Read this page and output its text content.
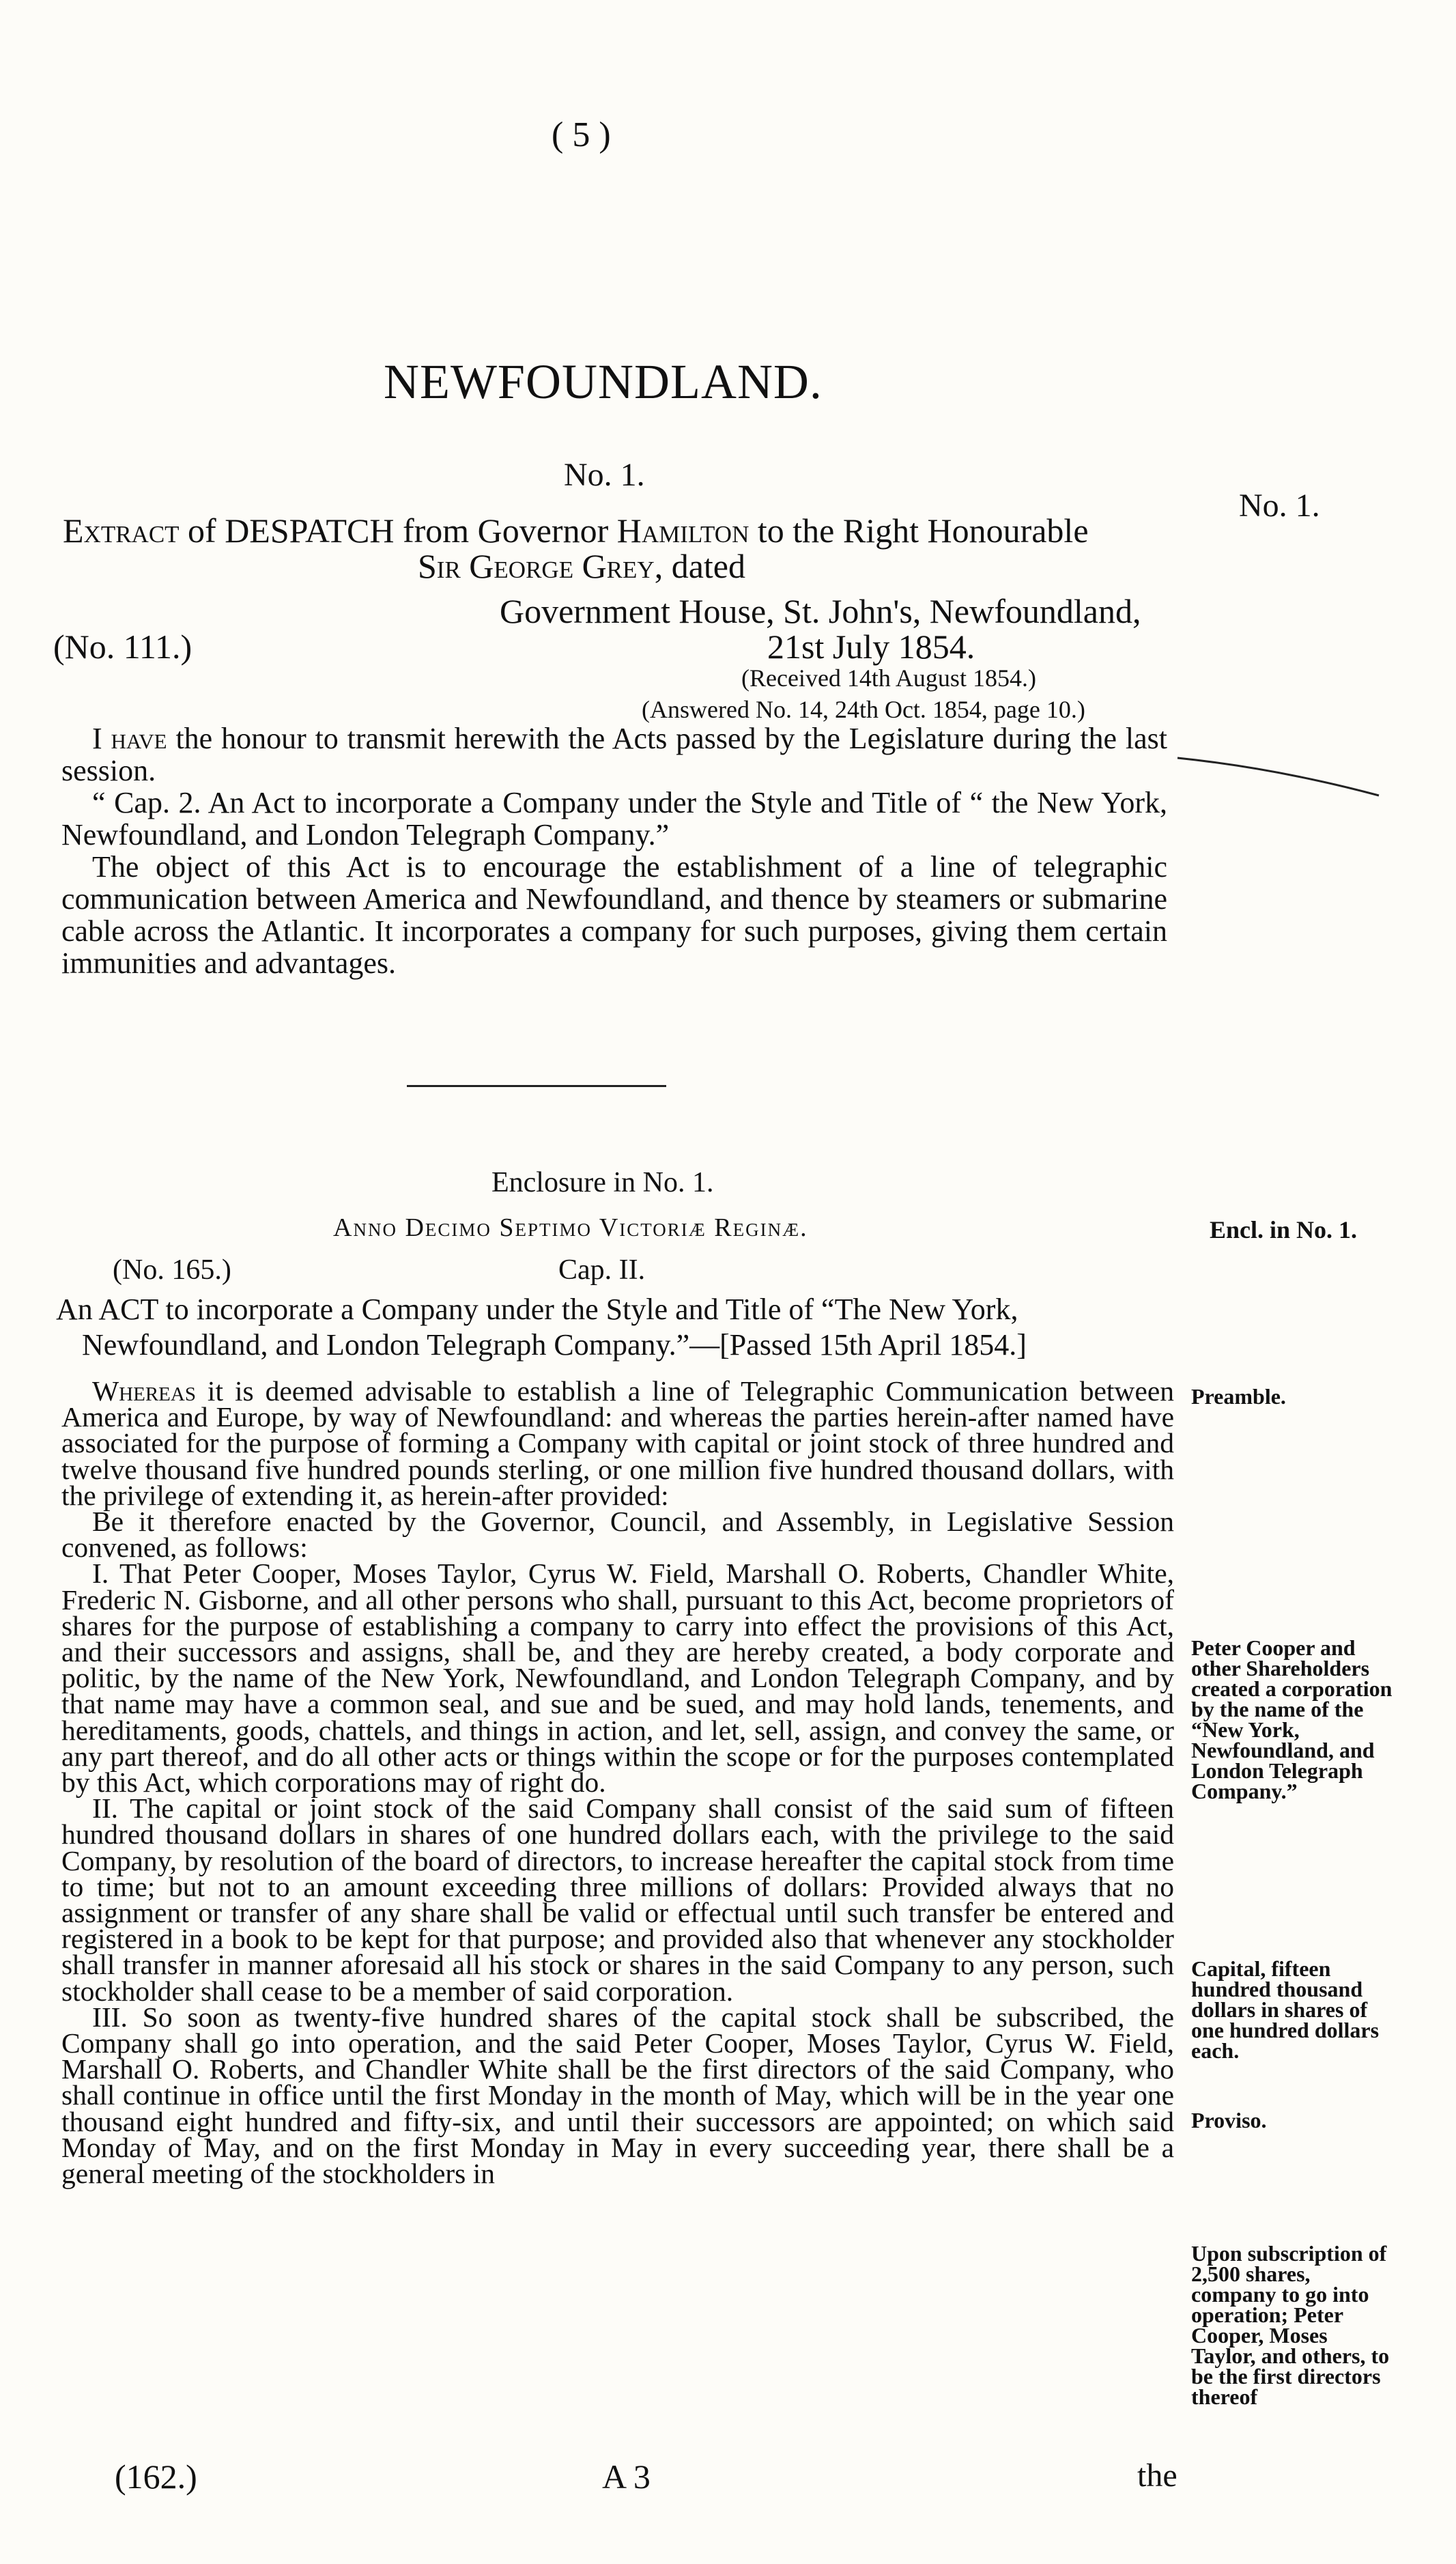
( 5 )
NEWFOUNDLAND.
No. 1.
No. 1.
Extract of DESPATCH from Governor Hamilton to the Right Honourable
Sir George Grey, dated
Government House, St. John's, Newfoundland,
(No. 111.)	21st July 1854.
(Received 14th August 1854.)
(Answered No. 14, 24th Oct. 1854, page 10.)

I have the honour to transmit herewith the Acts passed by the Legislature during the last session.

“ Cap. 2. An Act to incorporate a Company under the Style and Title of “ the New York, Newfoundland, and London Telegraph Company.”

The object of this Act is to encourage the establishment of a line of telegraphic communication between America and Newfoundland, and thence by steamers or submarine cable across the Atlantic. It incorporates a company for such purposes, giving them certain immunities and advantages.

Enclosure in No. 1.
Anno Decimo Septimo Victoriæ Reginæ.	Encl. in No. 1.
(No. 165.)	Cap. II.
An ACT to incorporate a Company under the Style and Title of “The New York,
Newfoundland, and London Telegraph Company.”—[Passed 15th April 1854.]

Whereas it is deemed advisable to establish a line of Telegraphic Communication between America and Europe, by way of Newfoundland: and whereas the parties herein-after named have associated for the purpose of forming a Company with capital or joint stock of three hundred and twelve thousand five hundred pounds sterling, or one million five hundred thousand dollars, with the privilege of extending it, as herein-after provided:

Be it therefore enacted by the Governor, Council, and Assembly, in Legislative Session convened, as follows:

I. That Peter Cooper, Moses Taylor, Cyrus W. Field, Marshall O. Roberts, Chandler White, Frederic N. Gisborne, and all other persons who shall, pursuant to this Act, become proprietors of shares for the purpose of establishing a company to carry into effect the provisions of this Act, and their successors and assigns, shall be, and they are hereby created, a body corporate and politic, by the name of the New York, Newfoundland, and London Telegraph Company, and by that name may have a common seal, and sue and be sued, and may hold lands, tenements, and hereditaments, goods, chattels, and things in action, and let, sell, assign, and convey the same, or any part thereof, and do all other acts or things within the scope or for the purposes contemplated by this Act, which corporations may of right do.

II. The capital or joint stock of the said Company shall consist of the said sum of fifteen hundred thousand dollars in shares of one hundred dollars each, with the privilege to the said Company, by resolution of the board of directors, to increase hereafter the capital stock from time to time; but not to an amount exceeding three millions of dollars: Provided always that no assignment or transfer of any share shall be valid or effectual until such transfer be entered and registered in a book to be kept for that purpose; and provided also that whenever any stockholder shall transfer in manner aforesaid all his stock or shares in the said Company to any person, such stockholder shall cease to be a member of said corporation.

III. So soon as twenty-five hundred shares of the capital stock shall be subscribed, the Company shall go into operation, and the said Peter Cooper, Moses Taylor, Cyrus W. Field, Marshall O. Roberts, and Chandler White shall be the first directors of the said Company, who shall continue in office until the first Monday in the month of May, which will be in the year one thousand eight hundred and fifty-six, and until their successors are appointed; on which said Monday of May, and on the first Monday in May in every succeeding year, there shall be a general meeting of the stockholders in

Preamble.
Peter Cooper and other Shareholders created a corporation by the name of the “New York, Newfoundland, and London Telegraph Company.”
Capital, fifteen hundred thousand dollars in shares of one hundred dollars each.
Proviso.
Upon subscription of 2,500 shares, company to go into operation; Peter Cooper, Moses Taylor, and others, to be the first directors thereof
(162.)	A 3	the
